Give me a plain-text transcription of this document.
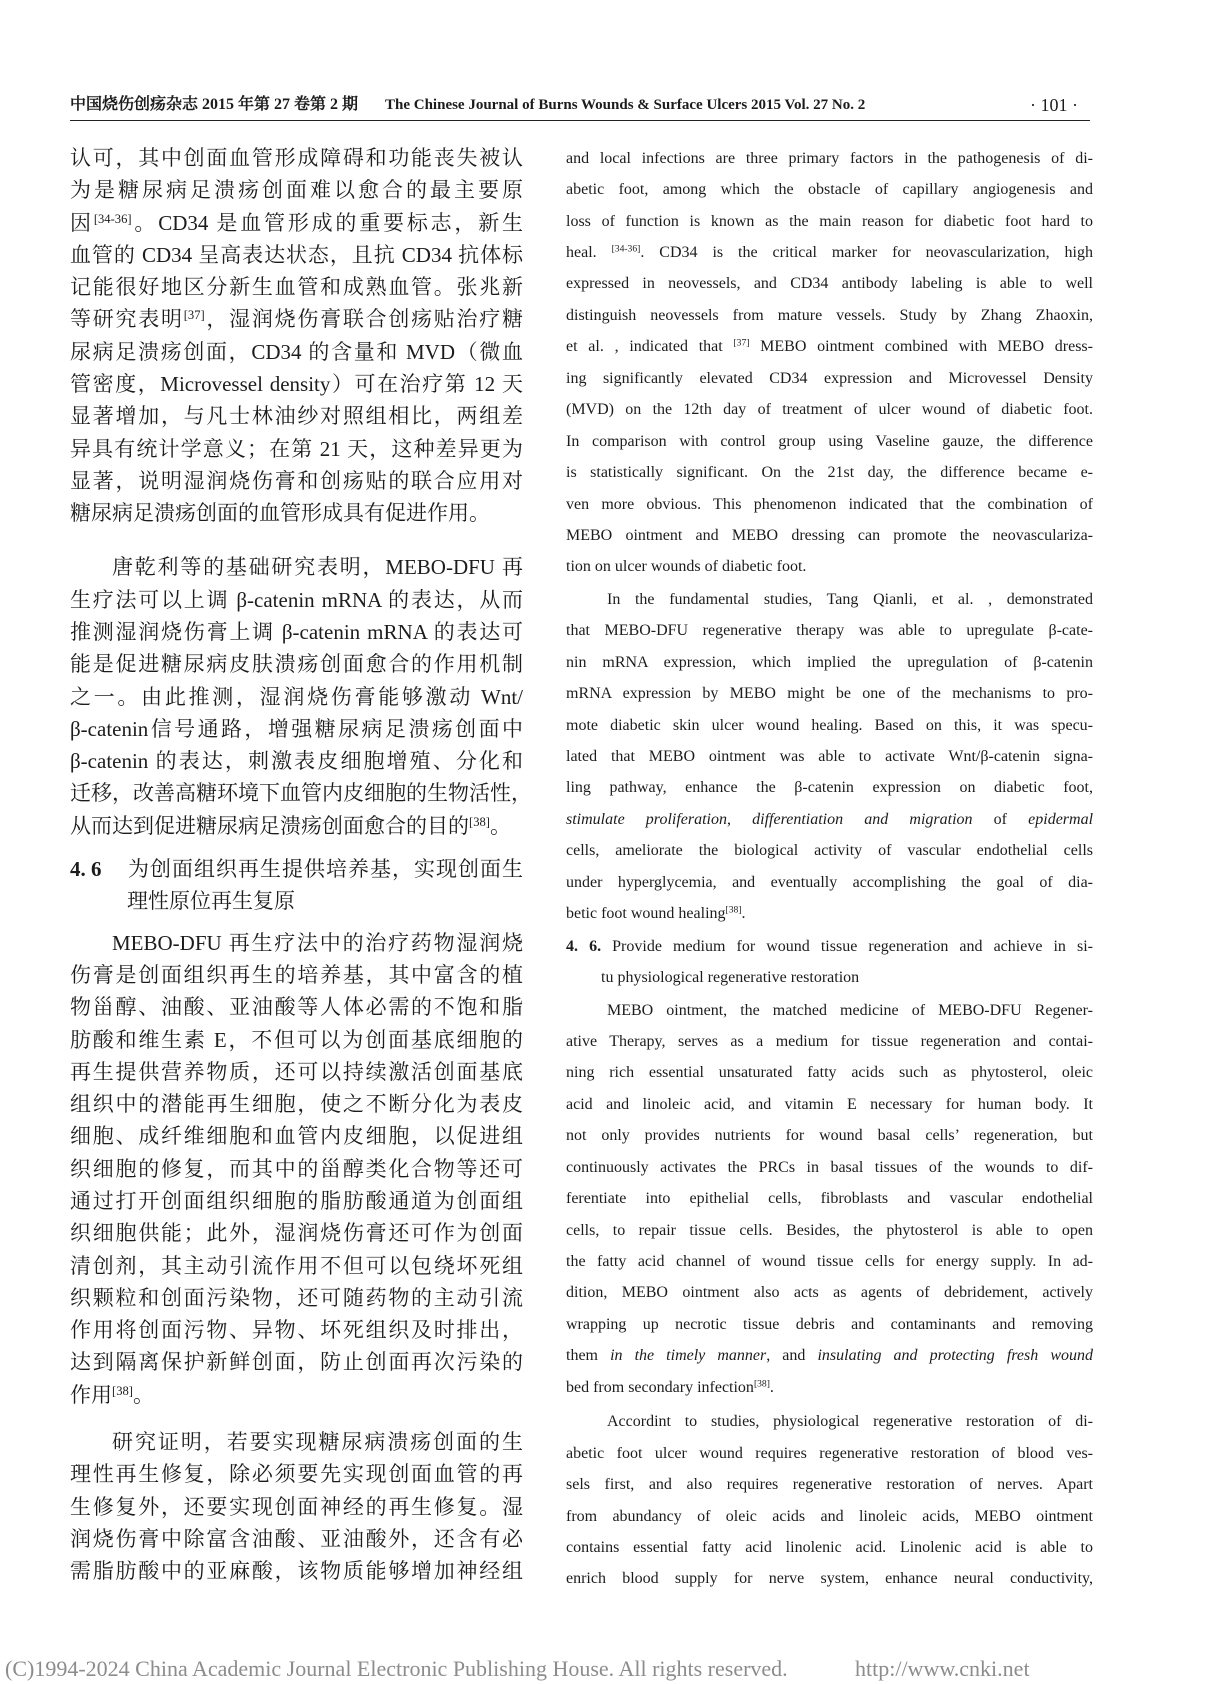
中国烧伤创疡杂志 2015 年第 27 卷第 2 期 The Chinese Journal of Burns Wounds & Surface Ulcers 2015 Vol. 27 No. 2	· 101 ·
认可，其中创面血管形成障碍和功能丧失被认
为是糖尿病足溃疡创面难以愈合的最主要原
因[34-36]。CD34 是血管形成的重要标志，新生
血管的 CD34 呈高表达状态，且抗 CD34 抗体标
记能很好地区分新生血管和成熟血管。张兆新
等研究表明[37]，湿润烧伤膏联合创疡贴治疗糖
尿病足溃疡创面，CD34 的含量和 MVD（微血
管密度，Microvessel density）可在治疗第 12 天
显著增加，与凡士林油纱对照组相比，两组差
异具有统计学意义；在第 21 天，这种差异更为
显著，说明湿润烧伤膏和创疡贴的联合应用对
糖尿病足溃疡创面的血管形成具有促进作用。
唐乾利等的基础研究表明，MEBO-DFU 再
生疗法可以上调 β-catenin mRNA 的表达，从而
推测湿润烧伤膏上调 β-catenin mRNA 的表达可
能是促进糖尿病皮肤溃疡创面愈合的作用机制
之一。由此推测，湿润烧伤膏能够激动 Wnt/
β-catenin信号通路，增强糖尿病足溃疡创面中
β-catenin 的表达，刺激表皮细胞增殖、分化和
迁移，改善高糖环境下血管内皮细胞的生物活性，
从而达到促进糖尿病足溃疡创面愈合的目的[38]。
4. 6 为创面组织再生提供培养基，实现创面生
理性原位再生复原
MEBO-DFU 再生疗法中的治疗药物湿润烧
伤膏是创面组织再生的培养基，其中富含的植
物甾醇、油酸、亚油酸等人体必需的不饱和脂
肪酸和维生素 E，不但可以为创面基底细胞的
再生提供营养物质，还可以持续激活创面基底
组织中的潜能再生细胞，使之不断分化为表皮
细胞、成纤维细胞和血管内皮细胞，以促进组
织细胞的修复，而其中的甾醇类化合物等还可
通过打开创面组织细胞的脂肪酸通道为创面组
织细胞供能；此外，湿润烧伤膏还可作为创面
清创剂，其主动引流作用不但可以包绕坏死组
织颗粒和创面污染物，还可随药物的主动引流
作用将创面污物、异物、坏死组织及时排出，
达到隔离保护新鲜创面，防止创面再次污染的
作用[38]。
研究证明，若要实现糖尿病溃疡创面的生
理性再生修复，除必须要先实现创面血管的再
生修复外，还要实现创面神经的再生修复。湿
润烧伤膏中除富含油酸、亚油酸外，还含有必
需脂肪酸中的亚麻酸，该物质能够增加神经组
and local infections are three primary factors in the pathogenesis of di-
abetic foot, among which the obstacle of capillary angiogenesis and
loss of function is known as the main reason for diabetic foot hard to
heal. [34-36]. CD34 is the critical marker for neovascularization, high
expressed in neovessels, and CD34 antibody labeling is able to well
distinguish neovessels from mature vessels. Study by Zhang Zhaoxin,
et al. , indicated that [37] MEBO ointment combined with MEBO dress-
ing significantly elevated CD34 expression and Microvessel Density
(MVD) on the 12th day of treatment of ulcer wound of diabetic foot.
In comparison with control group using Vaseline gauze, the difference
is statistically significant. On the 21st day, the difference became e-
ven more obvious. This phenomenon indicated that the combination of
MEBO ointment and MEBO dressing can promote the neovasculariza-
tion on ulcer wounds of diabetic foot.
In the fundamental studies, Tang Qianli, et al. , demonstrated
that MEBO-DFU regenerative therapy was able to upregulate β-cate-
nin mRNA expression, which implied the upregulation of β-catenin
mRNA expression by MEBO might be one of the mechanisms to pro-
mote diabetic skin ulcer wound healing. Based on this, it was specu-
lated that MEBO ointment was able to activate Wnt/β-catenin signa-
ling pathway, enhance the β-catenin expression on diabetic foot,
stimulate proliferation, differentiation and migration of epidermal
cells, ameliorate the biological activity of vascular endothelial cells
under hyperglycemia, and eventually accomplishing the goal of dia-
betic foot wound healing[38].
4. 6. Provide medium for wound tissue regeneration and achieve in si-
tu physiological regenerative restoration
MEBO ointment, the matched medicine of MEBO-DFU Regener-
ative Therapy, serves as a medium for tissue regeneration and contai-
ning rich essential unsaturated fatty acids such as phytosterol, oleic
acid and linoleic acid, and vitamin E necessary for human body. It
not only provides nutrients for wound basal cells’ regeneration, but
continuously activates the PRCs in basal tissues of the wounds to dif-
ferentiate into epithelial cells, fibroblasts and vascular endothelial
cells, to repair tissue cells. Besides, the phytosterol is able to open
the fatty acid channel of wound tissue cells for energy supply. In ad-
dition, MEBO ointment also acts as agents of debridement, actively
wrapping up necrotic tissue debris and contaminants and removing
them in the timely manner, and insulating and protecting fresh wound
bed from secondary infection[38].
Accordint to studies, physiological regenerative restoration of di-
abetic foot ulcer wound requires regenerative restoration of blood ves-
sels first, and also requires regenerative restoration of nerves. Apart
from abundancy of oleic acids and linoleic acids, MEBO ointment
contains essential fatty acid linolenic acid. Linolenic acid is able to
enrich blood supply for nerve system, enhance neural conductivity,
(C)1994-2024 China Academic Journal Electronic Publishing House. All rights reserved.	http://www.cnki.net
